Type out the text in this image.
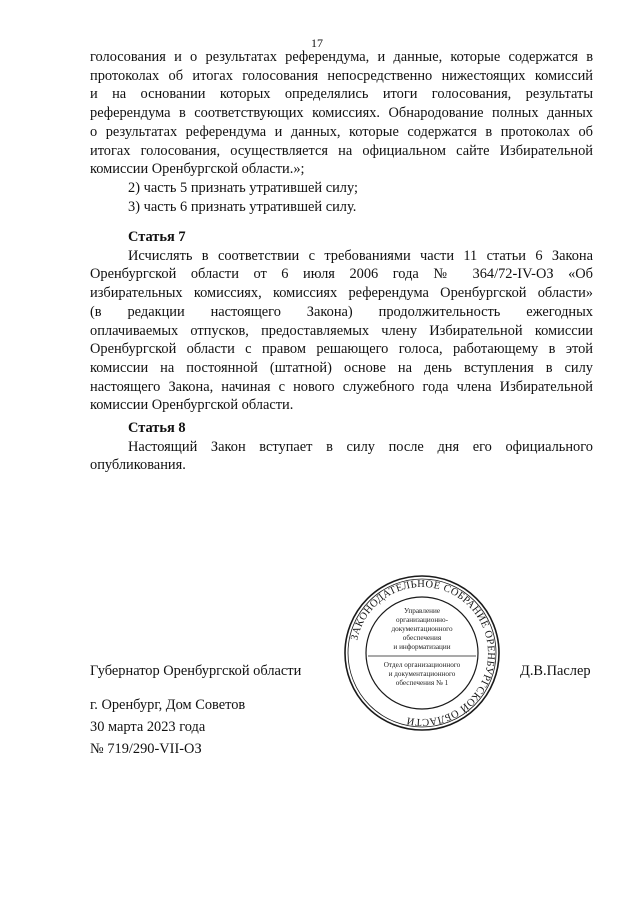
17
голосования и о результатах референдума, и данные, которые содержатся в
протоколах об итогах голосования непосредственно нижестоящих комиссий
и на основании которых определялись итоги голосования, результаты
референдума в соответствующих комиссиях. Обнародование полных данных
о результатах референдума и данных, которые содержатся в протоколах об
итогах голосования, осуществляется на официальном сайте Избирательной
комиссии Оренбургской области.»;
2) часть 5 признать утратившей силу;
3) часть 6 признать утратившей силу.
Статья 7
Исчислять в соответствии с требованиями части 11 статьи 6 Закона
Оренбургской области от 6 июля 2006 года № 364/72-IV-ОЗ «Об
избирательных комиссиях, комиссиях референдума Оренбургской области»
(в редакции настоящего Закона) продолжительность ежегодных
оплачиваемых отпусков, предоставляемых члену Избирательной комиссии
Оренбургской области с правом решающего голоса, работающему в этой
комиссии на постоянной (штатной) основе на день вступления в силу
настоящего Закона, начиная с нового служебного года члена Избирательной
комиссии Оренбургской области.
Статья 8
Настоящий Закон вступает в силу после дня его официального
опубликования.
ЗАКОНОДАТЕЛЬНОЕ СОБРАНИЕ ОРЕНБУРГСКОЙ ОБЛАСТИ
Управление
организационно-
документационного
обеспечения
и информатизации
Отдел организационного
и документационного
обеспечения № 1
Губернатор Оренбургской области	Д.В.Паслер
г. Оренбург, Дом Советов
30 марта 2023 года
№ 719/290-VII-ОЗ
